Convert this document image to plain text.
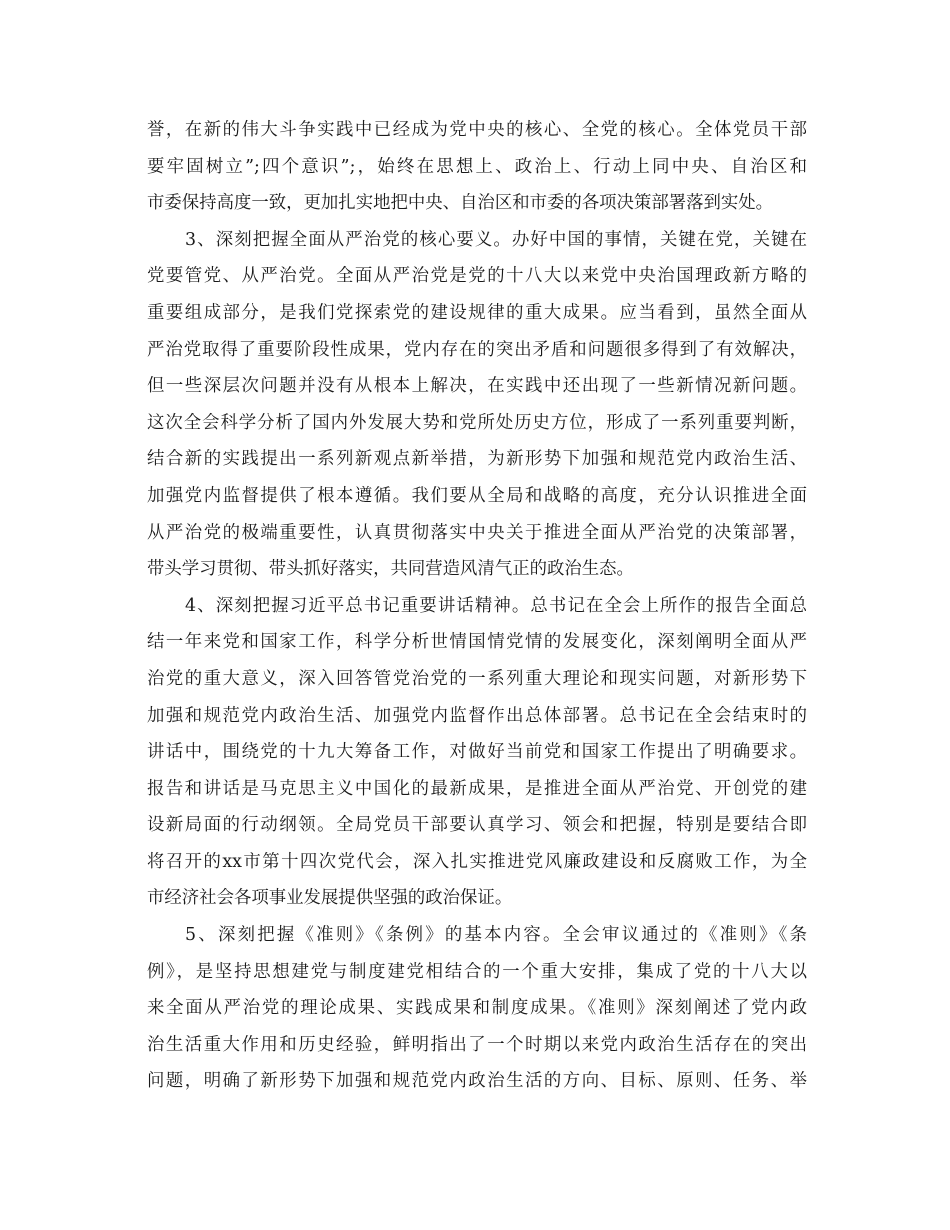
誉，在新的伟大斗争实践中已经成为党中央的核心、全党的核心。全体党员干部
要牢固树立”;四个意识”;，始终在思想上、政治上、行动上同中央、自治区和
市委保持高度一致，更加扎实地把中央、自治区和市委的各项决策部署落到实处。
3、深刻把握全面从严治党的核心要义。办好中国的事情，关键在党，关键在
党要管党、从严治党。全面从严治党是党的十八大以来党中央治国理政新方略的
重要组成部分，是我们党探索党的建设规律的重大成果。应当看到，虽然全面从
严治党取得了重要阶段性成果，党内存在的突出矛盾和问题很多得到了有效解决，
但一些深层次问题并没有从根本上解决，在实践中还出现了一些新情况新问题。
这次全会科学分析了国内外发展大势和党所处历史方位，形成了一系列重要判断，
结合新的实践提出一系列新观点新举措，为新形势下加强和规范党内政治生活、
加强党内监督提供了根本遵循。我们要从全局和战略的高度，充分认识推进全面
从严治党的极端重要性，认真贯彻落实中央关于推进全面从严治党的决策部署，
带头学习贯彻、带头抓好落实，共同营造风清气正的政治生态。
4、深刻把握习近平总书记重要讲话精神。总书记在全会上所作的报告全面总
结一年来党和国家工作，科学分析世情国情党情的发展变化，深刻阐明全面从严
治党的重大意义，深入回答管党治党的一系列重大理论和现实问题，对新形势下
加强和规范党内政治生活、加强党内监督作出总体部署。总书记在全会结束时的
讲话中，围绕党的十九大筹备工作，对做好当前党和国家工作提出了明确要求。
报告和讲话是马克思主义中国化的最新成果，是推进全面从严治党、开创党的建
设新局面的行动纲领。全局党员干部要认真学习、领会和把握，特别是要结合即
将召开的xx市第十四次党代会，深入扎实推进党风廉政建设和反腐败工作，为全
市经济社会各项事业发展提供坚强的政治保证。
5、深刻把握《准则》《条例》的基本内容。全会审议通过的《准则》《条
例》，是坚持思想建党与制度建党相结合的一个重大安排，集成了党的十八大以
来全面从严治党的理论成果、实践成果和制度成果。《准则》深刻阐述了党内政
治生活重大作用和历史经验，鲜明指出了一个时期以来党内政治生活存在的突出
问题，明确了新形势下加强和规范党内政治生活的方向、目标、原则、任务、举
